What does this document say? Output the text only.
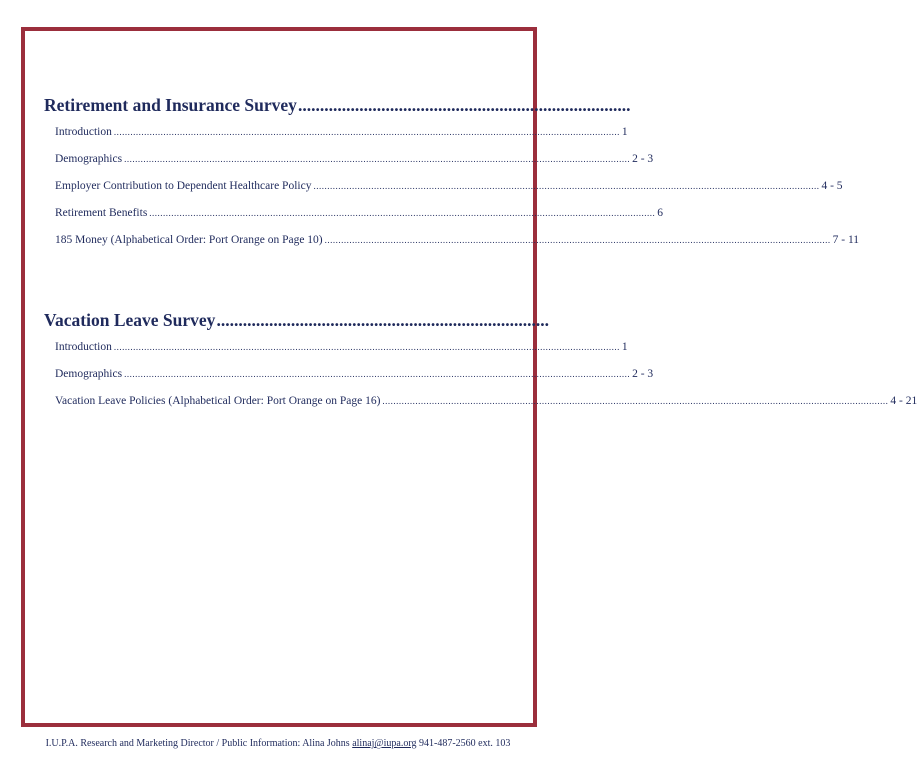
Retirement and Insurance Survey ............................................................................
Introduction ........................................................................................................................................................................................ 1
Demographics ........................................................................................................................................................................................ 2 - 3
Employer Contribution to Dependent Healthcare Policy ........................................................................................................................................................................................ 4 - 5
Retirement Benefits ........................................................................................................................................................................................ 6
185 Money (Alphabetical Order: Port Orange on Page 10) ........................................................................................................................................................................................ 7 - 11
Vacation Leave Survey ............................................................................
Introduction ........................................................................................................................................................................................ 1
Demographics ........................................................................................................................................................................................ 2 - 3
Vacation Leave Policies (Alphabetical Order: Port Orange on Page 16) ........................................................................................................................................................................................ 4 - 21
I.U.P.A. Research and Marketing Director / Public Information: Alina Johns alinaj@iupa.org 941-487-2560 ext. 103
